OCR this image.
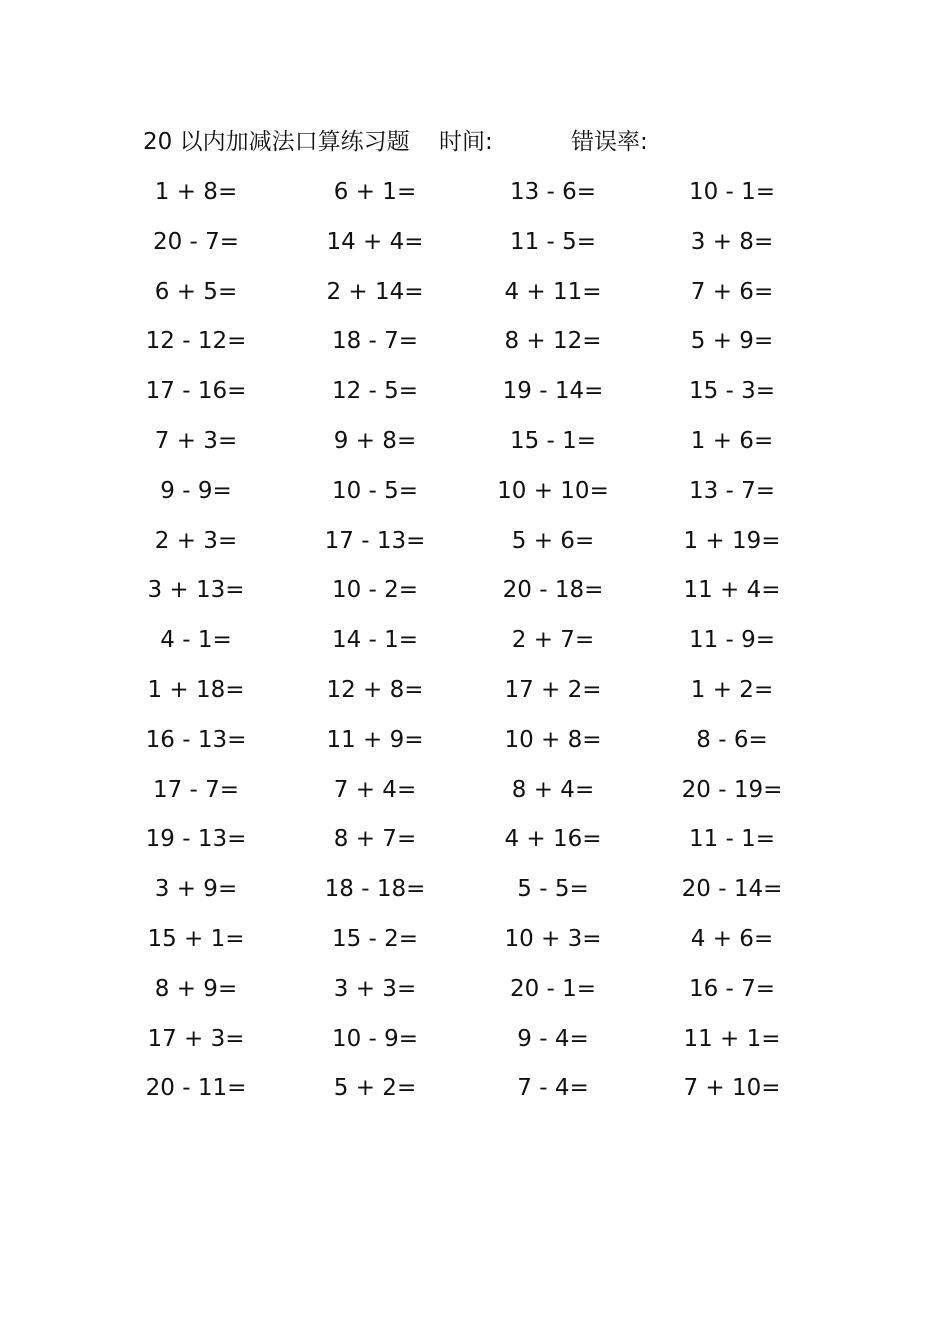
20 以内加减法口算练习题 时间:	错误率:
1 + 8=	6 + 1=	13 - 6=	10 - 1=
20 - 7=	14 + 4=	11 - 5=	3 + 8=
6 + 5=	2 + 14=	4 + 11=	7 + 6=
12 - 12=	18 - 7=	8 + 12=	5 + 9=
17 - 16=	12 - 5=	19 - 14=	15 - 3=
7 + 3=	9 + 8=	15 - 1=	1 + 6=
9 - 9=	10 - 5=	10 + 10=	13 - 7=
2 + 3=	17 - 13=	5 + 6=	1 + 19=
3 + 13=	10 - 2=	20 - 18=	11 + 4=
4 - 1=	14 - 1=	2 + 7=	11 - 9=
1 + 18=	12 + 8=	17 + 2=	1 + 2=
16 - 13=	11 + 9=	10 + 8=	8 - 6=
17 - 7=	7 + 4=	8 + 4=	20 - 19=
19 - 13=	8 + 7=	4 + 16=	11 - 1=
3 + 9=	18 - 18=	5 - 5=	20 - 14=
15 + 1=	15 - 2=	10 + 3=	4 + 6=
8 + 9=	3 + 3=	20 - 1=	16 - 7=
17 + 3=	10 - 9=	9 - 4=	11 + 1=
20 - 11=	5 + 2=	7 - 4=	7 + 10=
